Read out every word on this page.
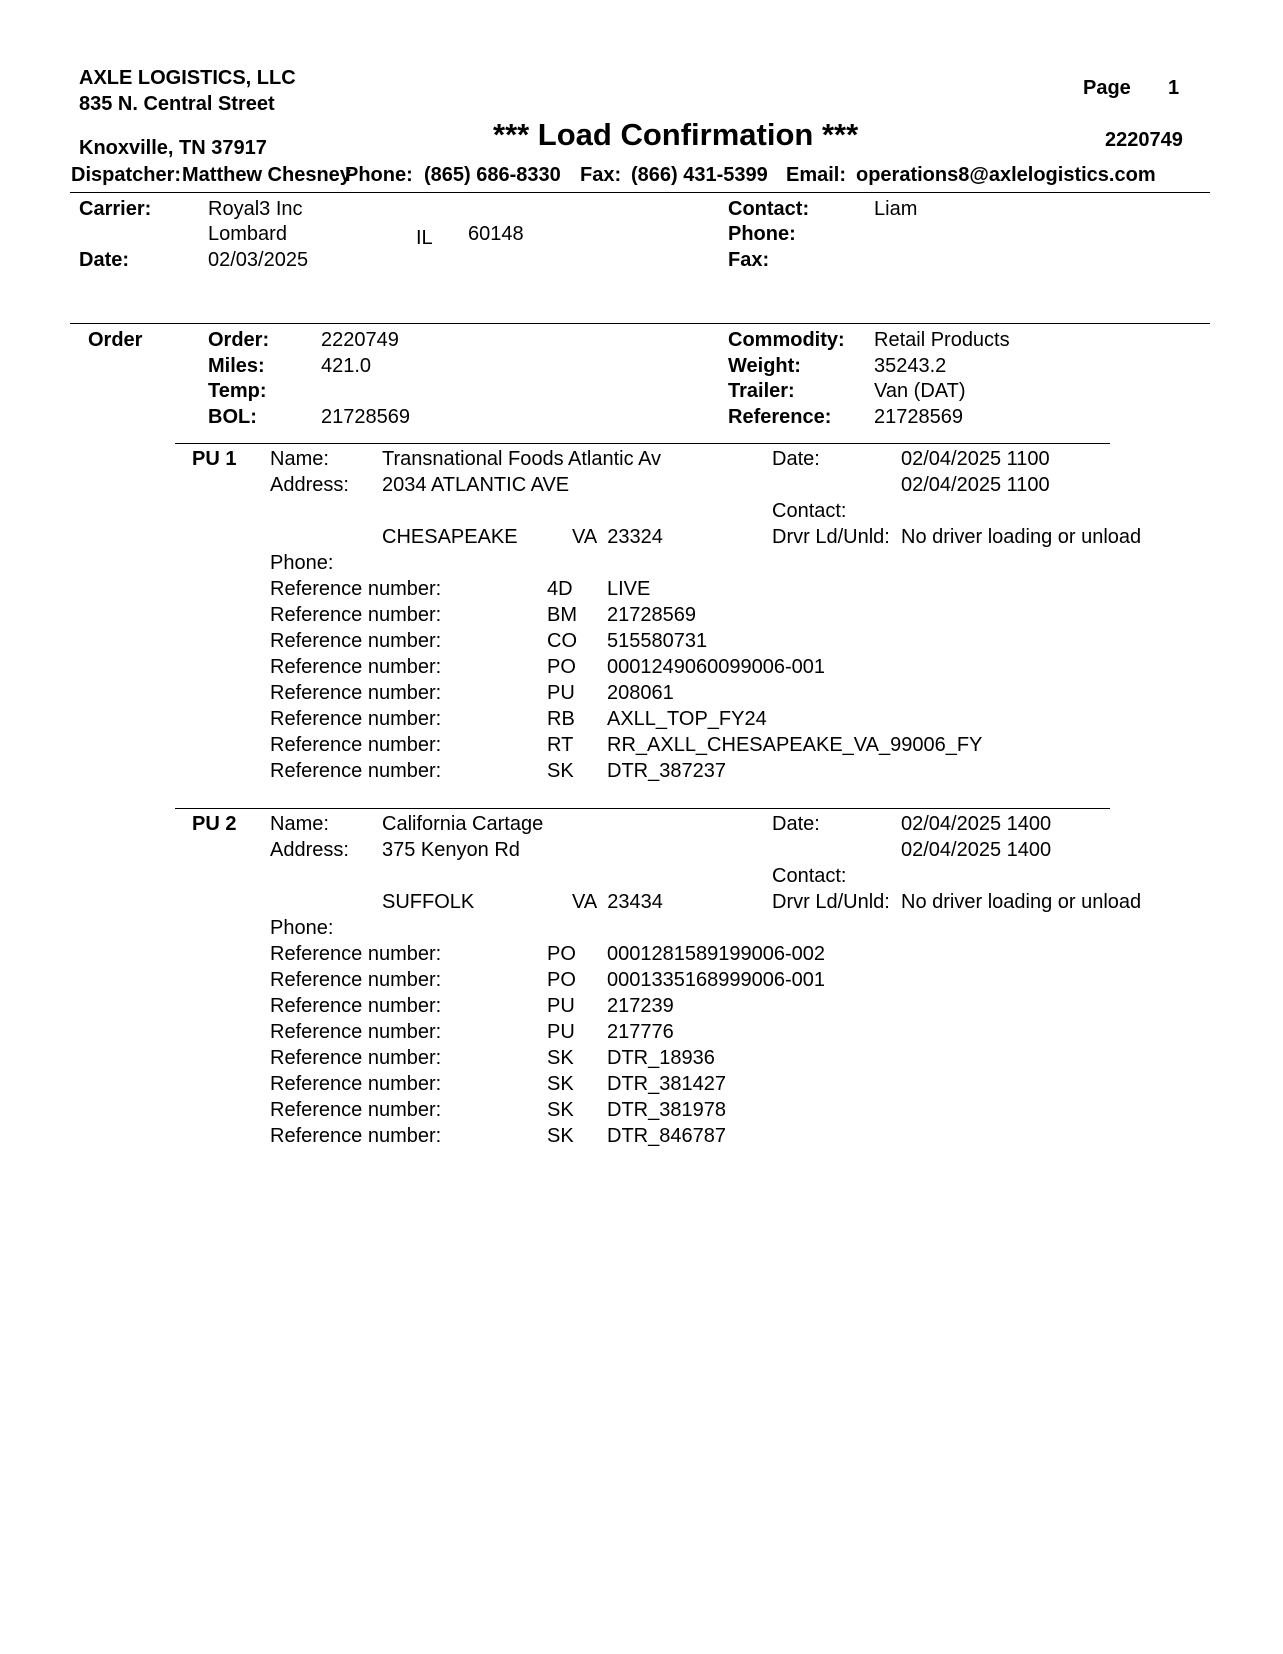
AXLE LOGISTICS, LLC
835 N. Central Street
Knoxville, TN 37917
Page 1
*** Load Confirmation ***	2220749
Dispatcher: Matthew Chesney
Phone: (865) 686-8330 Fax: (866) 431-5399 Email: operations8@axlelogistics.com
Carrier:	Royal3 Inc
Lombard	IL 60148
Date:	02/03/2025
Contact:	Liam
Phone:
Fax:
Order	Order:	2220749
Miles:	421.0
Temp:
BOL:	21728569
Commodity: Retail Products
Weight:	35243.2
Trailer:	Van (DAT)
Reference: 21728569
PU 1 Name:	Transnational Foods Atlantic Av
Address: 2034 ATLANTIC AVE
CHESAPEAKE	VA  23324
Phone:
Date:	02/04/2025 1100
02/04/2025 1100
Contact:
Drvr Ld/Unld: No driver loading or unload
Reference number:	4D LIVE
Reference number:	BM 21728569
Reference number:	CO 515580731
Reference number:	PO 0001249060099006-001
Reference number:	PU 208061
Reference number:	RB AXLL_TOP_FY24
Reference number:	RT RR_AXLL_CHESAPEAKE_VA_99006_FY
Reference number:	SK DTR_387237
PU 2 Name:	California Cartage
Address: 375 Kenyon Rd
SUFFOLK	VA  23434
Phone:
Date:	02/04/2025 1400
02/04/2025 1400
Contact:
Drvr Ld/Unld: No driver loading or unload
Reference number:	PO 0001281589199006-002
Reference number:	PO 0001335168999006-001
Reference number:	PU 217239
Reference number:	PU 217776
Reference number:	SK DTR_18936
Reference number:	SK DTR_381427
Reference number:	SK DTR_381978
Reference number:	SK DTR_846787
